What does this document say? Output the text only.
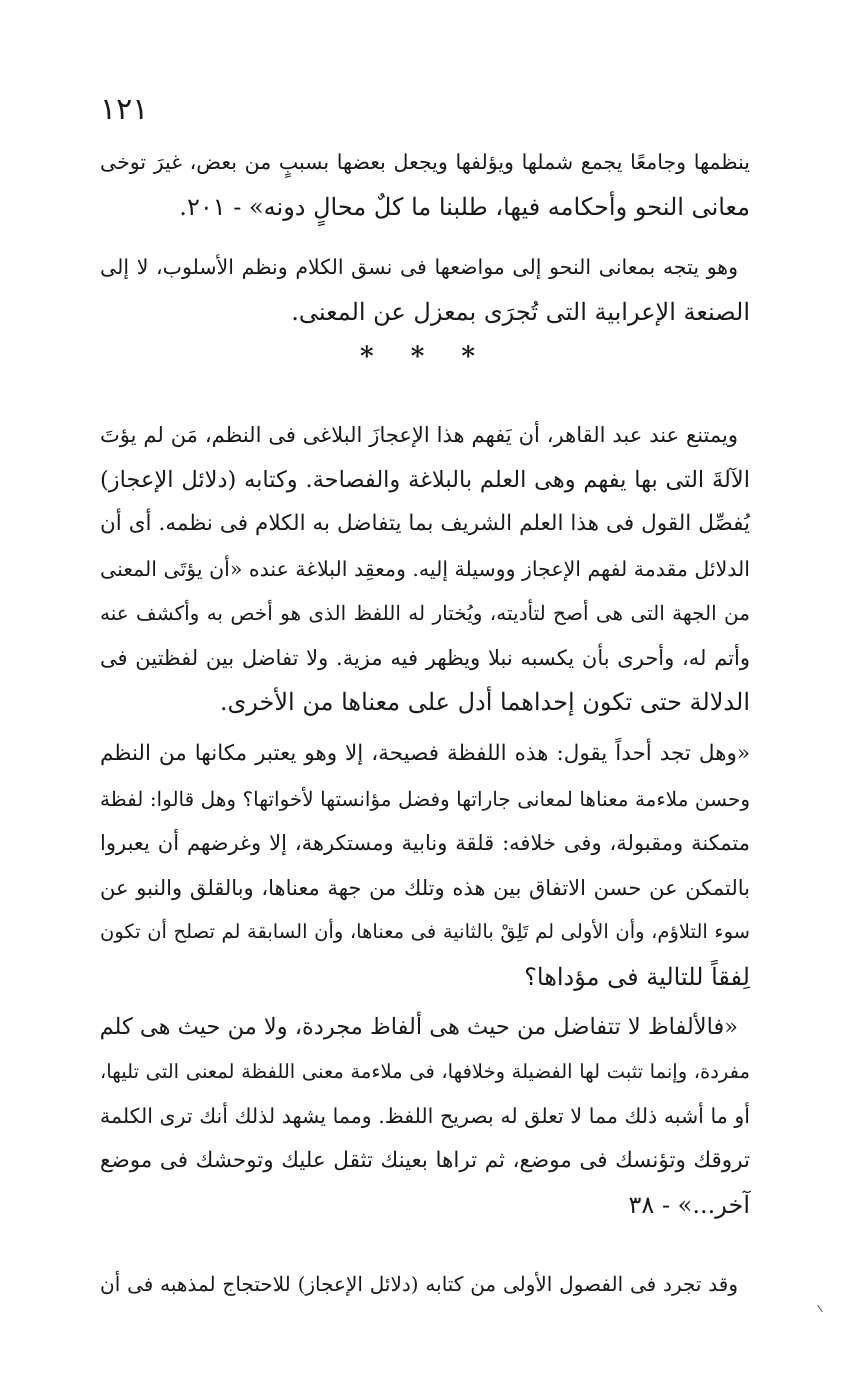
١٢١
ينظمها وجامعًا يجمع شملها ويؤلفها ويجعل بعضها بسببٍ من بعض، غيرَ توخى
معانى النحو وأحكامه فيها، طلبنا ما كلٌ محالٍ دونه» - ٢٠١.
وهو يتجه بمعانى النحو إلى مواضعها فى نسق الكلام ونظم الأسلوب، لا إلى
الصنعة الإعرابية التى تُجرَى بمعزل عن المعنى.
* * *
ويمتنع عند عبد القاهر، أن يَفهم هذا الإعجازَ البلاغى فى النظم، مَن لم يؤتَ
الآلةَ التى بها يفهم وهى العلم بالبلاغة والفصاحة. وكتابه (دلائل الإعجاز)
يُفصِّل القول فى هذا العلم الشريف بما يتفاضل به الكلام فى نظمه. أى أن
الدلائل مقدمة لفهم الإعجاز ووسيلة إليه. ومعقِد البلاغة عنده «أن يؤتَى المعنى
من الجهة التى هى أصح لتأديته، ويُختار له اللفظ الذى هو أخص به وأكشف عنه
وأتم له، وأحرى بأن يكسبه نبلا ويظهر فيه مزية. ولا تفاضل بين لفظتين فى
الدلالة حتى تكون إحداهما أدل على معناها من الأخرى.
«وهل تجد أحداً يقول: هذه اللفظة فصيحة، إلا وهو يعتبر مكانها من النظم
وحسن ملاءمة معناها لمعانى جاراتها وفضل مؤانستها لأخواتها؟ وهل قالوا: لفظة
متمكنة ومقبولة، وفى خلافه: قلقة ونابية ومستكرهة، إلا وغرضهم أن يعبروا
بالتمكن عن حسن الاتفاق بين هذه وتلك من جهة معناها، وبالقلق والنبو عن
سوء التلاؤم، وأن الأولى لم تَلِقْ بالثانية فى معناها، وأن السابقة لم تصلح أن تكون
لِفقاً للتالية فى مؤداها؟
«فالألفاظ لا تتفاضل من حيث هى ألفاظ مجردة، ولا من حيث هى كلم
مفردة، وإنما تثبت لها الفضيلة وخلافها، فى ملاءمة معنى اللفظة لمعنى التى تليها،
أو ما أشبه ذلك مما لا تعلق له بصريح اللفظ. ومما يشهد لذلك أنك ترى الكلمة
تروقك وتؤنسك فى موضع، ثم تراها بعينك تثقل عليك وتوحشك فى موضع
آخر...» - ٣٨
وقد تجرد فى الفصول الأولى من كتابه (دلائل الإعجاز) للاحتجاج لمذهبه فى أن
